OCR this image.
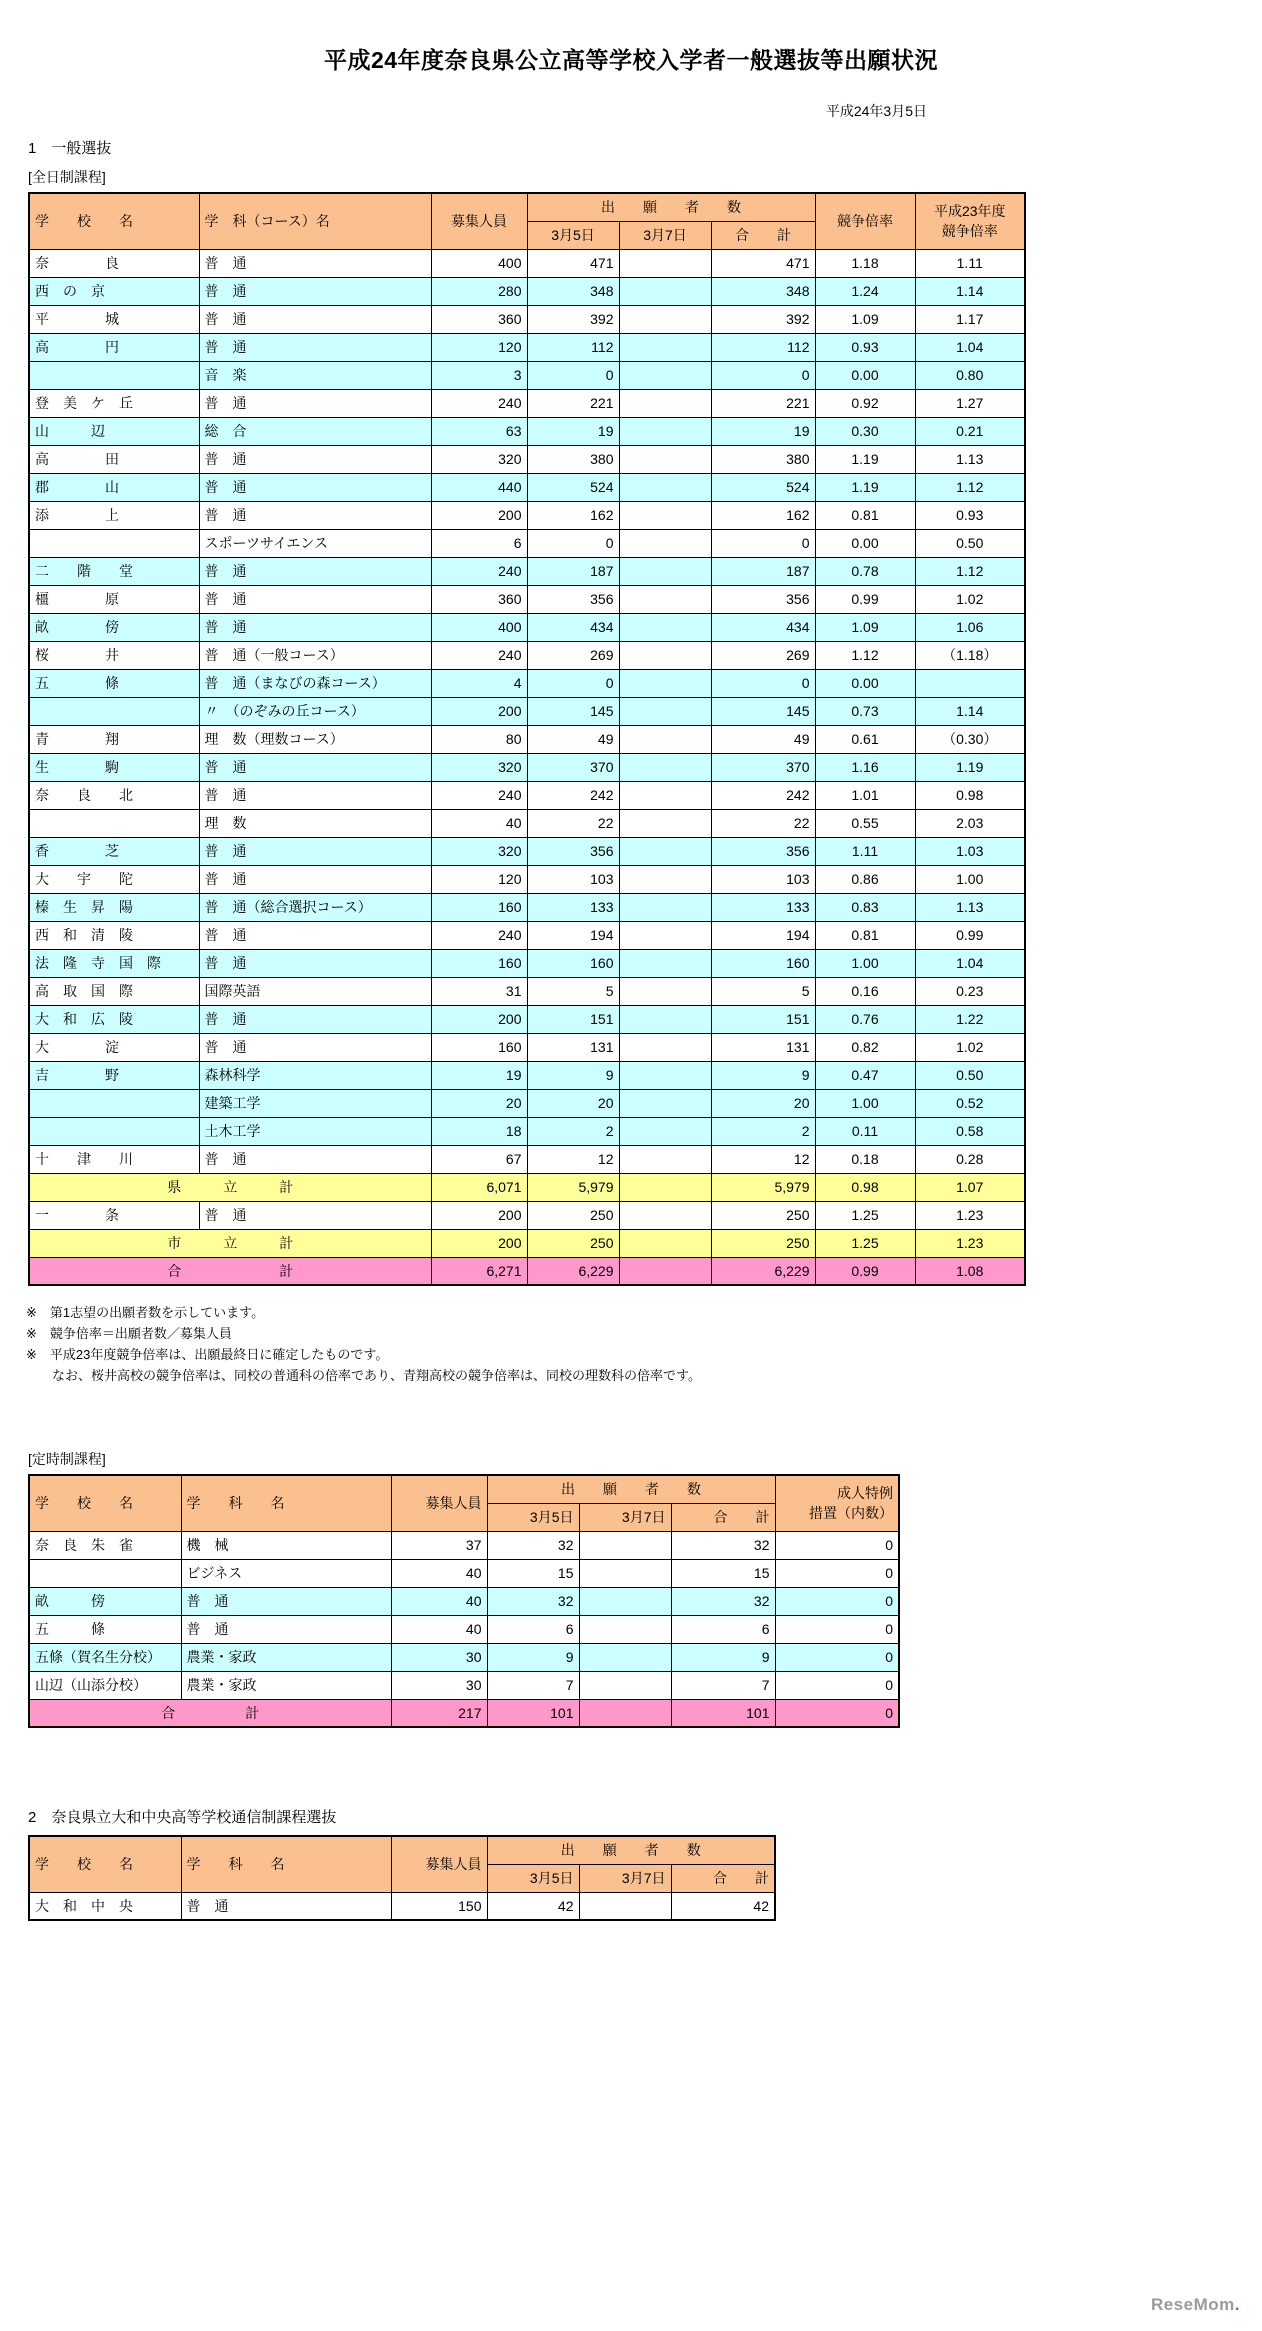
平成24年度奈良県公立高等学校入学者一般選抜等出願状況
平成24年3月5日
1　一般選抜
[全日制課程]
学　　校　　名	学　科（コース）名	募集人員	出　　願　　者　　数			競争倍率	平成23年度
競争倍率

			3月5日	3月7日	合　　計		
奈　　　　良	普　通	400	471		471	1.18	1.11
西　の　京	普　通	280	348		348	1.24	1.14
平　　　　城	普　通	360	392		392	1.09	1.17
高　　　　円	普　通	120	112		112	0.93	1.04
	音　楽	3	0		0	0.00	0.80
登　美　ケ　丘	普　通	240	221		221	0.92	1.27
山　　　辺	総　合	63	19		19	0.30	0.21
高　　　　田	普　通	320	380		380	1.19	1.13
郡　　　　山	普　通	440	524		524	1.19	1.12
添　　　　上	普　通	200	162		162	0.81	0.93
	スポーツサイエンス	6	0		0	0.00	0.50
二　　階　　堂	普　通	240	187		187	0.78	1.12
橿　　　　原	普　通	360	356		356	0.99	1.02
畝　　　　傍	普　通	400	434		434	1.09	1.06
桜　　　　井	普　通（一般コース）	240	269		269	1.12	（1.18）
五　　　　條	普　通（まなびの森コース）	4	0		0	0.00	
	〃　（のぞみの丘コース）	200	145		145	0.73	1.14
青　　　　翔	理　数（理数コース）	80	49		49	0.61	（0.30）
生　　　　駒	普　通	320	370		370	1.16	1.19
奈　　良　　北	普　通	240	242		242	1.01	0.98
	理　数	40	22		22	0.55	2.03
香　　　　芝	普　通	320	356		356	1.11	1.03
大　　宇　　陀	普　通	120	103		103	0.86	1.00
榛　生　昇　陽	普　通（総合選択コース）	160	133		133	0.83	1.13
西　和　清　陵	普　通	240	194		194	0.81	0.99
法　隆　寺　国　際	普　通	160	160		160	1.00	1.04
高　取　国　際	国際英語	31	5		5	0.16	0.23
大　和　広　陵	普　通	200	151		151	0.76	1.22
大　　　　淀	普　通	160	131		131	0.82	1.02
吉　　　　野	森林科学	19	9		9	0.47	0.50
	建築工学	20	20		20	1.00	0.52
	土木工学	18	2		2	0.11	0.58
十　　津　　川	普　通	67	12		12	0.18	0.28
県　　　立　　　計		6,071	5,979		5,979	0.98	1.07
一　　　　条	普　通	200	250		250	1.25	1.23
市　　　立　　　計		200	250		250	1.25	1.23
合　　　　　　　計		6,271	6,229		6,229	0.99	1.08
※　第1志望の出願者数を示しています。
※　競争倍率＝出願者数／募集人員
※　平成23年度競争倍率は、出願最終日に確定したものです。
なお、桜井高校の競争倍率は、同校の普通科の倍率であり、青翔高校の競争倍率は、同校の理数科の倍率です。
[定時制課程]
学　　校　　名	学　　科　　名	募集人員	出　　願　　者　　数			成人特例
措置（内数）

			3月5日	3月7日	合　　計	
奈　良　朱　雀	機　械	37	32		32	0
	ビジネス	40	15		15	0
畝　　　傍	普　通	40	32		32	0
五　　　條	普　通	40	6		6	0
五條（賀名生分校）	農業・家政	30	9		9	0
山辺（山添分校）	農業・家政	30	7		7	0
合　　　　　計		217	101		101	0
2　奈良県立大和中央高等学校通信制課程選抜
学　　校　　名	学　　科　　名	募集人員	出　　願　　者　　数		
			3月5日	3月7日	合　　計
大　和　中　央	普　通	150	42		42
ReseMom.
